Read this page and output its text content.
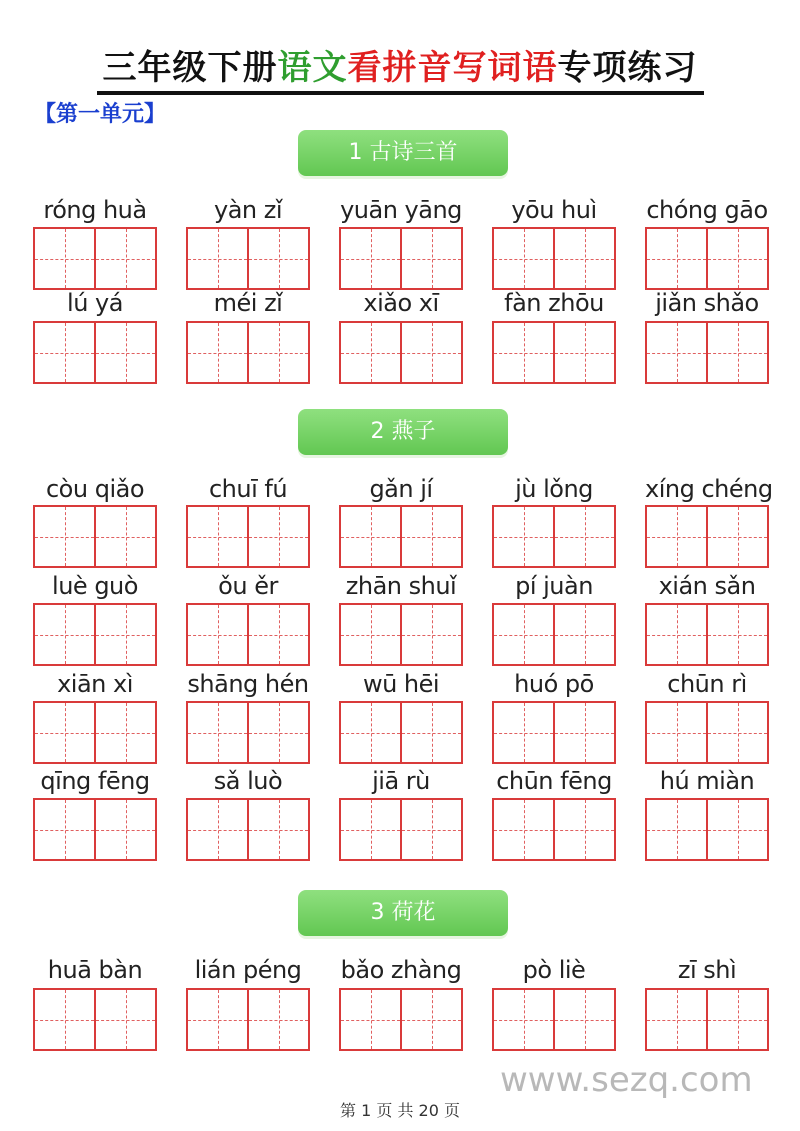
三年级下册语文看拼音写词语专项练习
【第一单元】
1 古诗三首
róng huà	yàn zǐ	yuān yāng	yōu huì	chóng gāo
lú yá	méi zǐ	xiǎo xī	fàn zhōu	jiǎn shǎo
2 燕子
còu qiǎo	chuī fú	gǎn jí	jù lǒng	xíng chéng
luè guò	ǒu ěr	zhān shuǐ	pí juàn	xián sǎn
xiān xì	shāng hén	wū hēi	huó pō	chūn rì
qīng fēng	sǎ luò	jiā rù	chūn fēng	hú miàn
3 荷花
huā bàn	lián péng	bǎo zhàng	pò liè	zī shì
www.sezq.com
第 1 页 共 20 页
